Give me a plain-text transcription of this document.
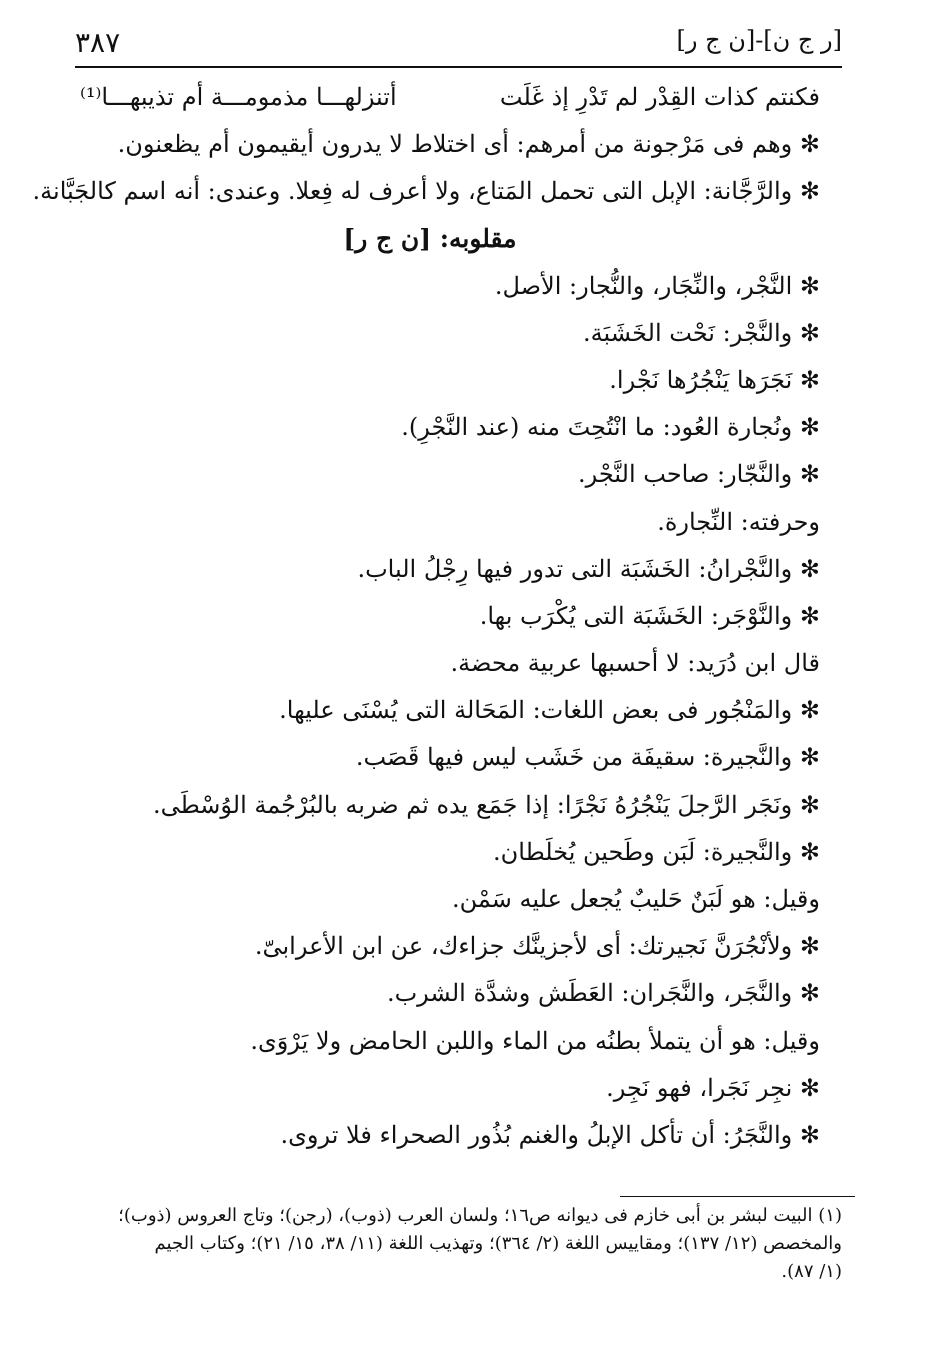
٣٨٧	[ر ج ن]-[ن ج ر]
فكنتم كذات القِدْر لم تَدْرِ إذ غَلَت
أتنزلهـــا مذمومـــة أم تذيبهـــا⁽¹⁾
✻ وهم فى مَرْجونة من أمرهم: أى اختلاط لا يدرون أيقيمون أم يظعنون.
✻ والرَّجَّانة: الإبل التى تحمل المَتاع، ولا أعرف له فِعلا. وعندى: أنه اسم كالجَبَّانة.
مقلوبه: [ن ج ر]
✻ النَّجْر، والنِّجَار، والنُّجار: الأصل.
✻ والنَّجْر: نَحْت الخَشَبَة.
✻ نَجَرَها يَنْجُرُها نَجْرا.
✻ ونُجارة العُود: ما انْتُحِتَ منه (عند النَّجْرِ).
✻ والنَّجّار: صاحب النَّجْر.
وحرفته: النِّجارة.
✻ والنَّجْرانُ: الخَشَبَة التى تدور فيها رِجْلُ الباب.
✻ والنَّوْجَر: الخَشَبَة التى يُكْرَب بها.
قال ابن دُرَيد: لا أحسبها عربية محضة.
✻ والمَنْجُور فى بعض اللغات: المَحَالة التى يُسْنَى عليها.
✻ والنَّجيرة: سقيفَة من خَشَب ليس فيها قَصَب.
✻ ونَجَر الرَّجلَ يَنْجُرُهُ نَجْرًا: إذا جَمَع يده ثم ضربه بالبُرْجُمة الوُسْطَى.
✻ والنَّجيرة: لَبَن وطَحين يُخلَطان.
وقيل: هو لَبَنٌ حَليبٌ يُجعل عليه سَمْن.
✻ ولأنْجُرَنَّ نَجيرتك: أى لأجزينَّك جزاءك، عن ابن الأعرابىّ.
✻ والنَّجَر، والنَّجَران: العَطَش وشدَّة الشرب.
وقيل: هو أن يتملأ بطنُه من الماء واللبن الحامض ولا يَرْوَى.
✻ نجِر نَجَرا، فهو نَجِر.
✻ والنَّجَرُ: أن تأكل الإبلُ والغنم بُذُور الصحراء فلا تروى.
(١) البيت لبشر بن أبى خازم فى ديوانه ص١٦؛ ولسان العرب (ذوب)، (رجن)؛ وتاج العروس (ذوب)؛
والمخصص (١٢/ ١٣٧)؛ ومقاييس اللغة (٢/ ٣٦٤)؛ وتهذيب اللغة (١١/ ٣٨، ١٥/ ٢١)؛ وكتاب الجيم
(١/ ٨٧).
